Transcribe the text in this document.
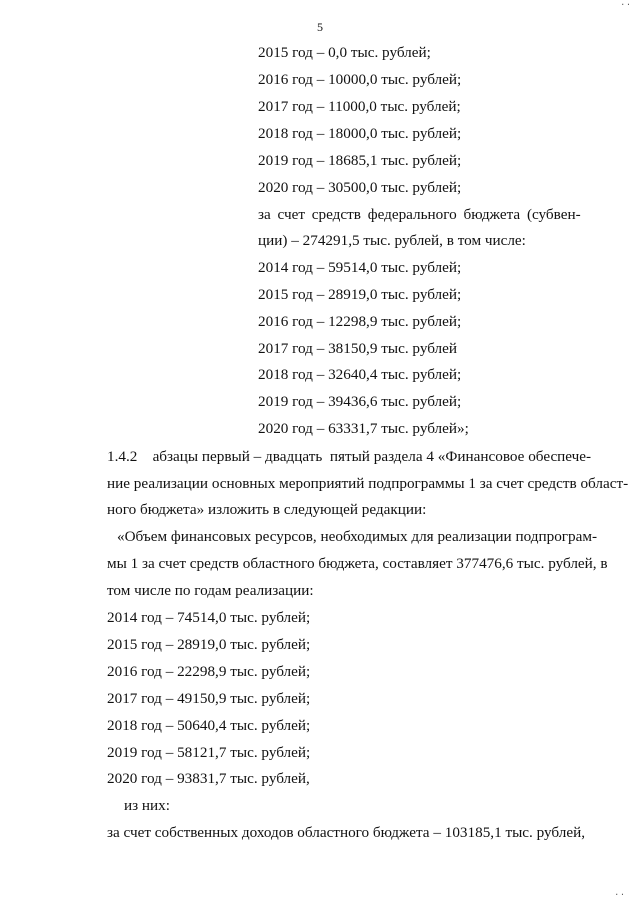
5
2015 год – 0,0 тыс. рублей;
2016 год – 10000,0 тыс. рублей;
2017 год – 11000,0 тыс. рублей;
2018 год – 18000,0 тыс. рублей;
2019 год – 18685,1 тыс. рублей;
2020 год – 30500,0 тыс. рублей;
за счет средств федерального бюджета (субвен-
ции) – 274291,5 тыс. рублей, в том числе:
2014 год – 59514,0 тыс. рублей;
2015 год – 28919,0 тыс. рублей;
2016 год – 12298,9 тыс. рублей;
2017 год – 38150,9 тыс. рублей
2018 год – 32640,4 тыс. рублей;
2019 год – 39436,6 тыс. рублей;
2020 год – 63331,7 тыс. рублей»;
1.4.2    абзацы первый – двадцать  пятый раздела 4 «Финансовое обеспече-
ние реализации основных мероприятий подпрограммы 1 за счет средств област-
ного бюджета» изложить в следующей редакции:
«Объем финансовых ресурсов, необходимых для реализации подпрограм-
мы 1 за счет средств областного бюджета, составляет 377476,6 тыс. рублей, в
том числе по годам реализации:
2014 год – 74514,0 тыс. рублей;
2015 год – 28919,0 тыс. рублей;
2016 год – 22298,9 тыс. рублей;
2017 год – 49150,9 тыс. рублей;
2018 год – 50640,4 тыс. рублей;
2019 год – 58121,7 тыс. рублей;
2020 год – 93831,7 тыс. рублей,
из них:
за счет собственных доходов областного бюджета – 103185,1 тыс. рублей,
‧ ‧
‧ ‧
